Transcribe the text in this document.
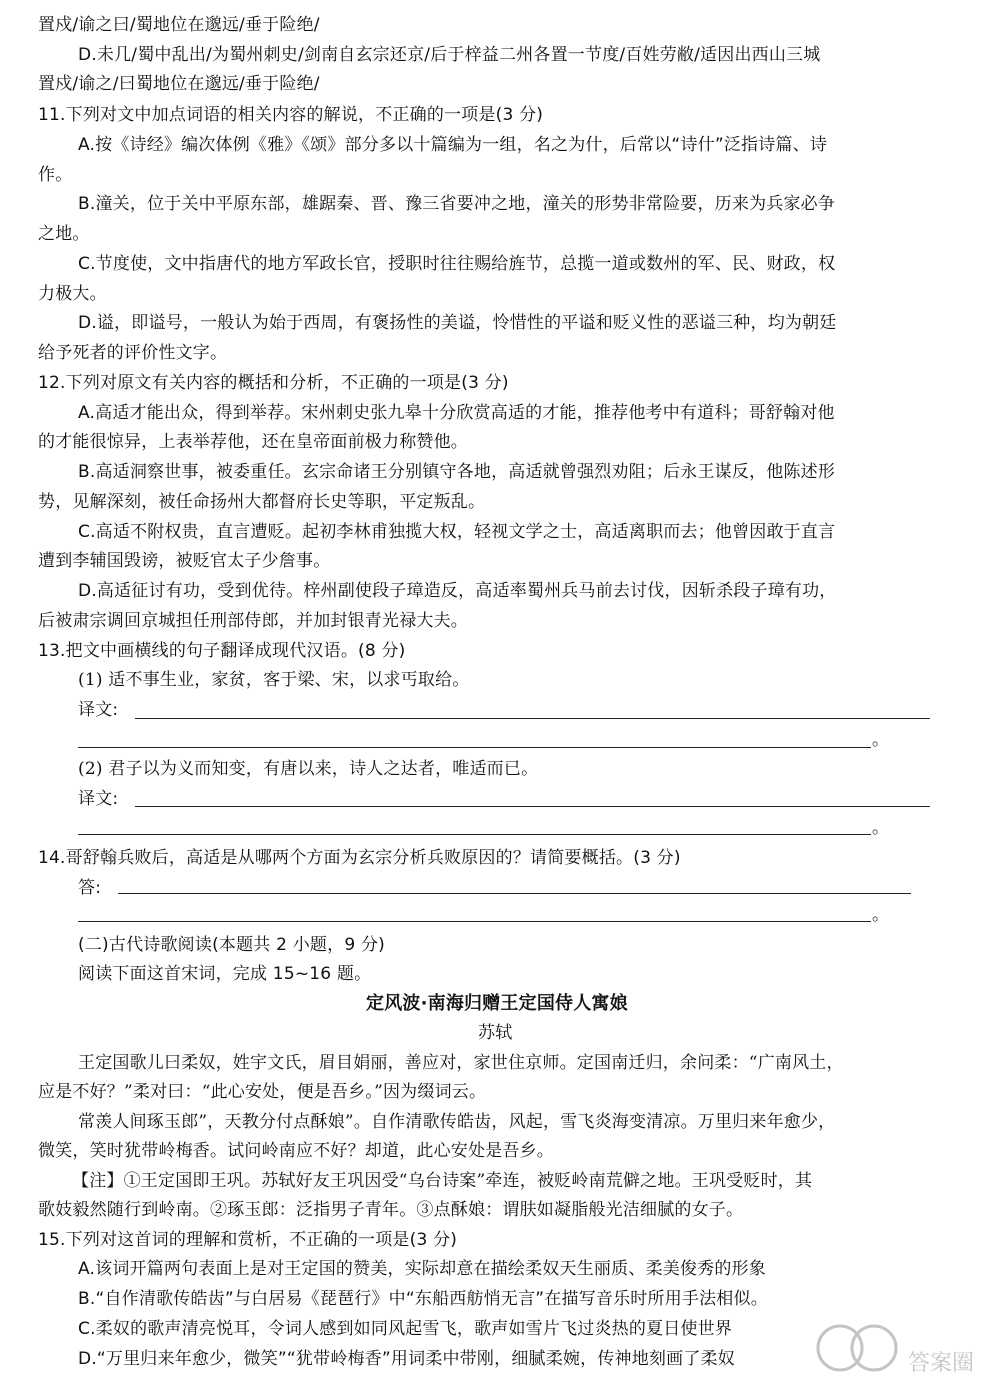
置戍/谕之曰/蜀地位在邈远/垂于险绝/
D.未几/蜀中乱出/为蜀州刺史/剑南自玄宗还京/后于梓益二州各置一节度/百姓劳敝/适因出西山三城
置戍/谕之/曰蜀地位在邈远/垂于险绝/
11.下列对文中加点词语的相关内容的解说，不正确的一项是(3 分)
A.按《诗经》编次体例《雅》《颂》部分多以十篇编为一组，名之为什，后常以“诗什”泛指诗篇、诗
作。
B.潼关，位于关中平原东部，雄踞秦、晋、豫三省要冲之地，潼关的形势非常险要，历来为兵家必争
之地。
C.节度使，文中指唐代的地方军政长官，授职时往往赐给旌节，总揽一道或数州的军、民、财政，权
力极大。
D.谥，即谥号，一般认为始于西周，有褒扬性的美谥，怜惜性的平谥和贬义性的恶谥三种，均为朝廷
给予死者的评价性文字。
12.下列对原文有关内容的概括和分析，不正确的一项是(3 分)
A.高适才能出众，得到举荐。宋州刺史张九皋十分欣赏高适的才能，推荐他考中有道科；哥舒翰对他
的才能很惊异，上表举荐他，还在皇帝面前极力称赞他。
B.高适洞察世事，被委重任。玄宗命诸王分别镇守各地，高适就曾强烈劝阻；后永王谋反，他陈述形
势，见解深刻，被任命扬州大都督府长史等职，平定叛乱。
C.高适不附权贵，直言遭贬。起初李林甫独揽大权，轻视文学之士，高适离职而去；他曾因敢于直言
遭到李辅国毁谤，被贬官太子少詹事。
D.高适征讨有功，受到优待。梓州副使段子璋造反，高适率蜀州兵马前去讨伐，因斩杀段子璋有功，
后被肃宗调回京城担任刑部侍郎，并加封银青光禄大夫。
13.把文中画横线的句子翻译成现代汉语。(8 分)
(1) 适不事生业，家贫，客于梁、宋，以求丐取给。
译文:
。
(2) 君子以为义而知变，有唐以来，诗人之达者，唯适而已。
译文:
。
14.哥舒翰兵败后，高适是从哪两个方面为玄宗分析兵败原因的？请简要概括。(3 分)
答:
。
(二)古代诗歌阅读(本题共 2 小题，9 分)
阅读下面这首宋词，完成 15~16 题。
定风波·南海归赠王定国侍人寓娘
苏轼
王定国歌儿曰柔奴，姓宇文氏，眉目娟丽，善应对，家世住京师。定国南迁归，余问柔：“广南风土，
应是不好？”柔对曰：“此心安处，便是吾乡。”因为缀词云。
常羡人间琢玉郎”，天教分付点酥娘”。自作清歌传皓齿，风起，雪飞炎海变清凉。万里归来年愈少，
微笑，笑时犹带岭梅香。试问岭南应不好？却道，此心安处是吾乡。
【注】①王定国即王巩。苏轼好友王巩因受“乌台诗案”牵连，被贬岭南荒僻之地。王巩受贬时，其
歌妓毅然随行到岭南。②琢玉郎：泛指男子青年。③点酥娘：谓肤如凝脂般光洁细腻的女子。
15.下列对这首词的理解和赏析，不正确的一项是(3 分)
A.该词开篇两句表面上是对王定国的赞美，实际却意在描绘柔奴天生丽质、柔美俊秀的形象
B.“自作清歌传皓齿”与白居易《琵琶行》中“东船西舫悄无言”在描写音乐时所用手法相似。
C.柔奴的歌声清亮悦耳，令词人感到如同风起雪飞，歌声如雪片飞过炎热的夏日使世界
D.“万里归来年愈少，微笑”“犹带岭梅香”用词柔中带刚，细腻柔婉，传神地刻画了柔奴	答案圈
